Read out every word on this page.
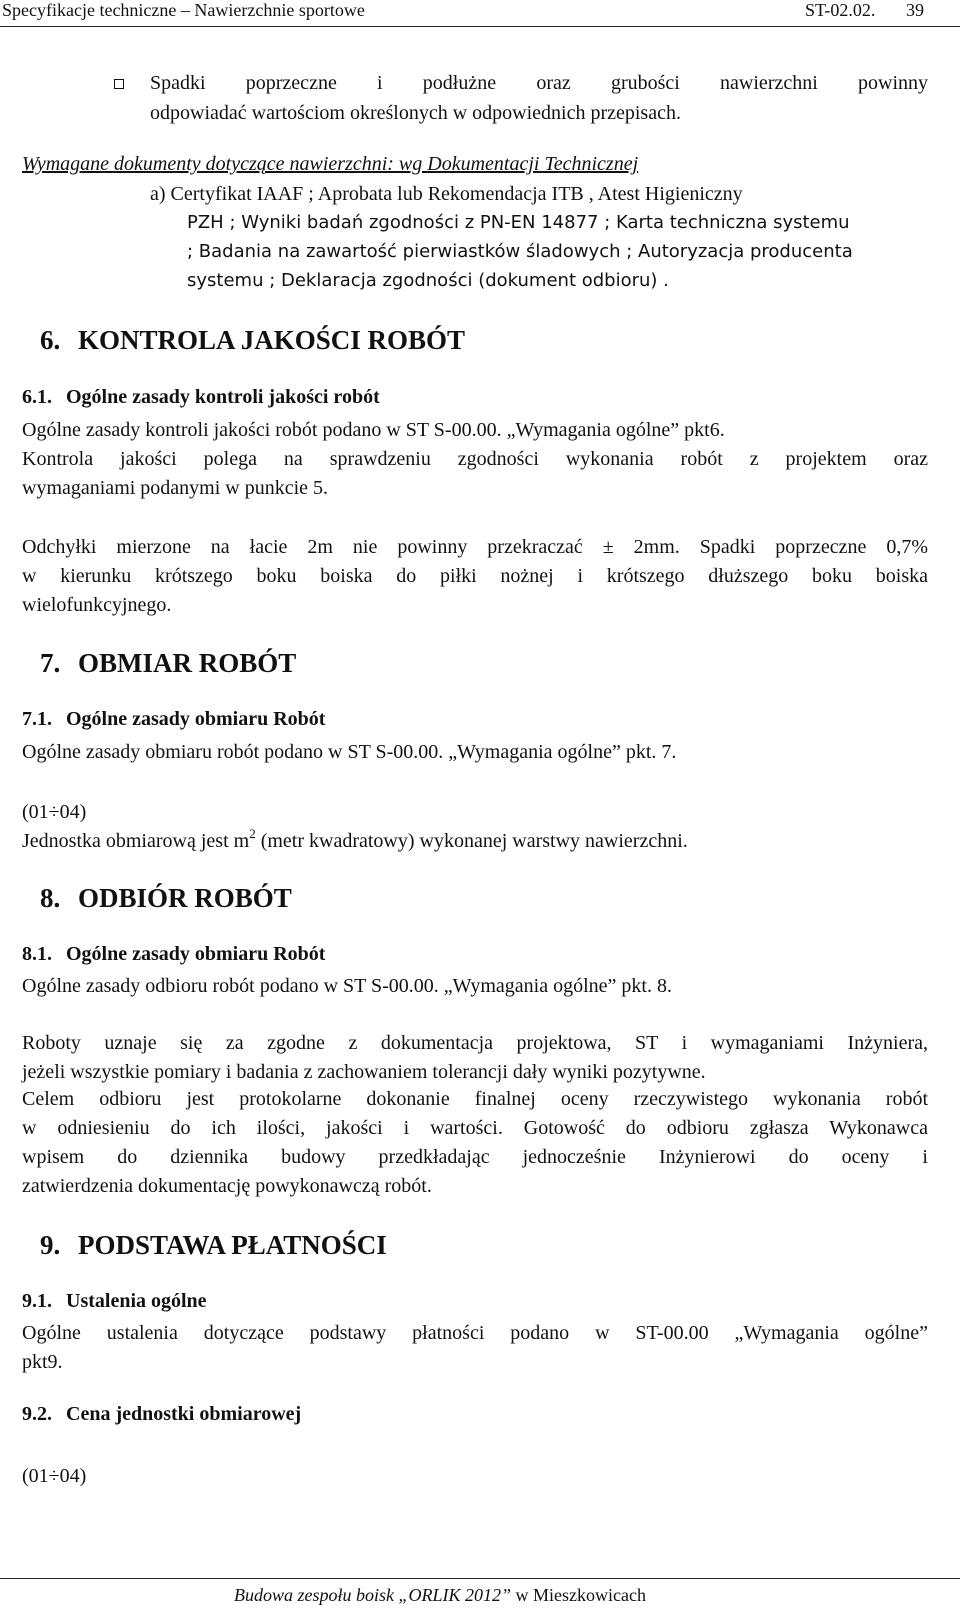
Specyfikacje techniczne – Nawierzchnie sportowe	ST-02.02. 39
Spadki poprzeczne i podłużne oraz grubości nawierzchni powinny
odpowiadać wartościom określonych w odpowiednich przepisach.
Wymagane dokumenty dotyczące nawierzchni: wg Dokumentacji Technicznej
a) Certyfikat IAAF ; Aprobata lub Rekomendacja ITB , Atest Higieniczny
PZH ; Wyniki badań zgodności z PN-EN 14877 ; Karta techniczna systemu
; Badania na zawartość pierwiastków śladowych ; Autoryzacja producenta
systemu ; Deklaracja zgodności (dokument odbioru) .
6. KONTROLA JAKOŚCI ROBÓT
6.1. Ogólne zasady kontroli jakości robót
Ogólne zasady kontroli jakości robót podano w ST S-00.00. „Wymagania ogólne” pkt6.
Kontrola jakości polega na sprawdzeniu zgodności wykonania robót z projektem oraz
wymaganiami podanymi w punkcie 5.
Odchyłki mierzone na łacie 2m nie powinny przekraczać ± 2mm. Spadki poprzeczne 0,7%
w kierunku krótszego boku boiska do piłki nożnej i krótszego dłuższego boku boiska
wielofunkcyjnego.
7. OBMIAR ROBÓT
7.1. Ogólne zasady obmiaru Robót
Ogólne zasady obmiaru robót podano w ST S-00.00. „Wymagania ogólne” pkt. 7.
(01÷04)
Jednostka obmiarową jest $m^2$ (metr kwadratowy) wykonanej warstwy nawierzchni.
8. ODBIÓR ROBÓT
8.1. Ogólne zasady obmiaru Robót
Ogólne zasady odbioru robót podano w ST S-00.00. „Wymagania ogólne” pkt. 8.
Roboty uznaje się za zgodne z dokumentacja projektowa, ST i wymaganiami Inżyniera,
jeżeli wszystkie pomiary i badania z zachowaniem tolerancji dały wyniki pozytywne.
Celem odbioru jest protokolarne dokonanie finalnej oceny rzeczywistego wykonania robót
w odniesieniu do ich ilości, jakości i wartości. Gotowość do odbioru zgłasza Wykonawca
wpisem do dziennika budowy przedkładając jednocześnie Inżynierowi do oceny i
zatwierdzenia dokumentację powykonawczą robót.
9. PODSTAWA PŁATNOŚCI
9.1. Ustalenia ogólne
Ogólne ustalenia dotyczące podstawy płatności podano w ST-00.00 „Wymagania ogólne”
pkt9.
9.2. Cena jednostki obmiarowej
(01÷04)
Budowa zespołu boisk „ORLIK 2012” w Mieszkowicach
